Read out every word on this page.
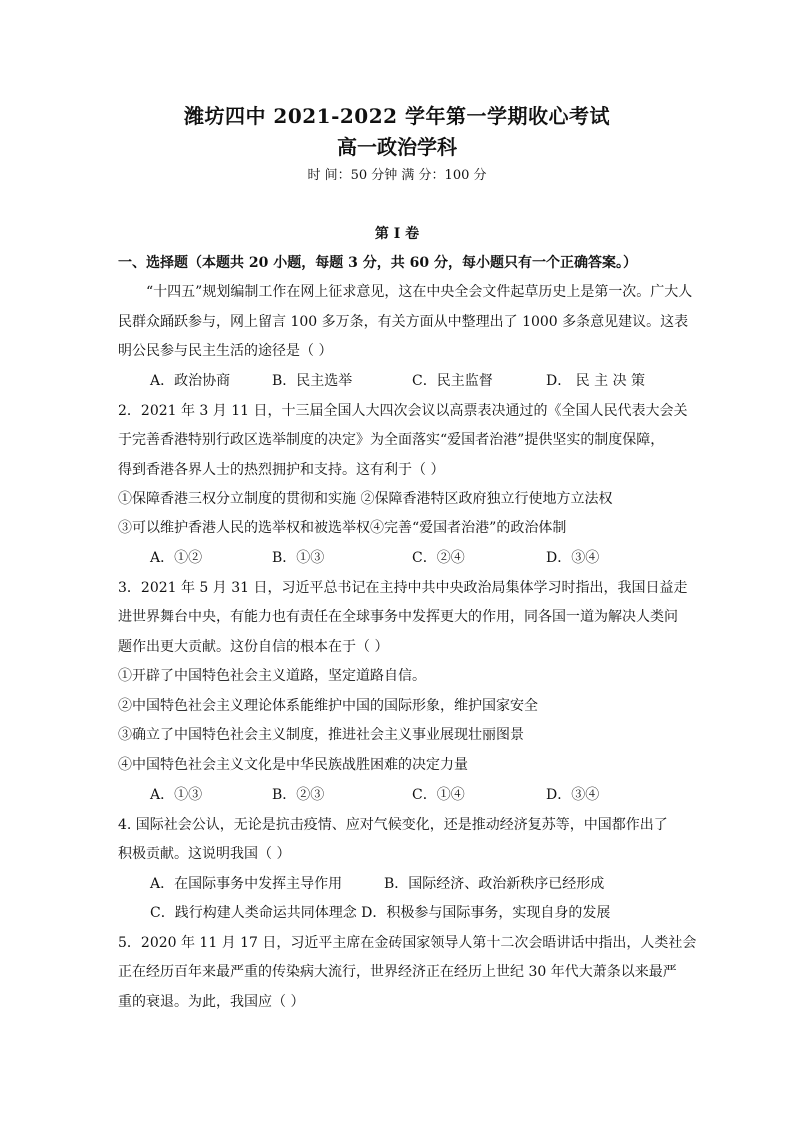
潍坊四中 2021-2022 学年第一学期收心考试
高一政治学科
时 间：50 分钟 满 分：100 分
第 I 卷
一、选择题（本题共 20 小题，每题 3 分，共 60 分，每小题只有一个正确答案。）
“十四五”规划编制工作在网上征求意见，这在中央全会文件起草历史上是第一次。广大人
民群众踊跃参与，网上留言 100 多万条，有关方面从中整理出了 1000 多条意见建议。这表
明公民参与民主生活的途径是（ ）
A．政治协商	B．民主选举	C．民主监督	D． 民 主 决 策
2．2021 年 3 月 11 日，十三届全国人大四次会议以高票表决通过的《全国人民代表大会关
于完善香港特别行政区选举制度的决定》为全面落实“爱国者治港”提供坚实的制度保障，
得到香港各界人士的热烈拥护和支持。这有利于（ ）
①保障香港三权分立制度的贯彻和实施 ②保障香港特区政府独立行使地方立法权
③可以维护香港人民的选举权和被选举权④完善“爱国者治港”的政治体制
A．①②	B．①③	C．②④	D．③④
3．2021 年 5 月 31 日，习近平总书记在主持中共中央政治局集体学习时指出，我国日益走
进世界舞台中央，有能力也有责任在全球事务中发挥更大的作用，同各国一道为解决人类问
题作出更大贡献。这份自信的根本在于（ ）
①开辟了中国特色社会主义道路，坚定道路自信。
②中国特色社会主义理论体系能维护中国的国际形象，维护国家安全
③确立了中国特色社会主义制度，推进社会主义事业展现壮丽图景
④中国特色社会主义文化是中华民族战胜困难的决定力量
A．①③	B．②③	C．①④	D．③④
4. 国际社会公认，无论是抗击疫情、应对气候变化，还是推动经济复苏等，中国都作出了
积极贡献。这说明我国（ ）
A．在国际事务中发挥主导作用	B．国际经济、政治新秩序已经形成
C．践行构建人类命运共同体理念 D．积极参与国际事务，实现自身的发展
5．2020 年 11 月 17 日，习近平主席在金砖国家领导人第十二次会晤讲话中指出，人类社会
正在经历百年来最严重的传染病大流行，世界经济正在经历上世纪 30 年代大萧条以来最严
重的衰退。为此，我国应（ ）
